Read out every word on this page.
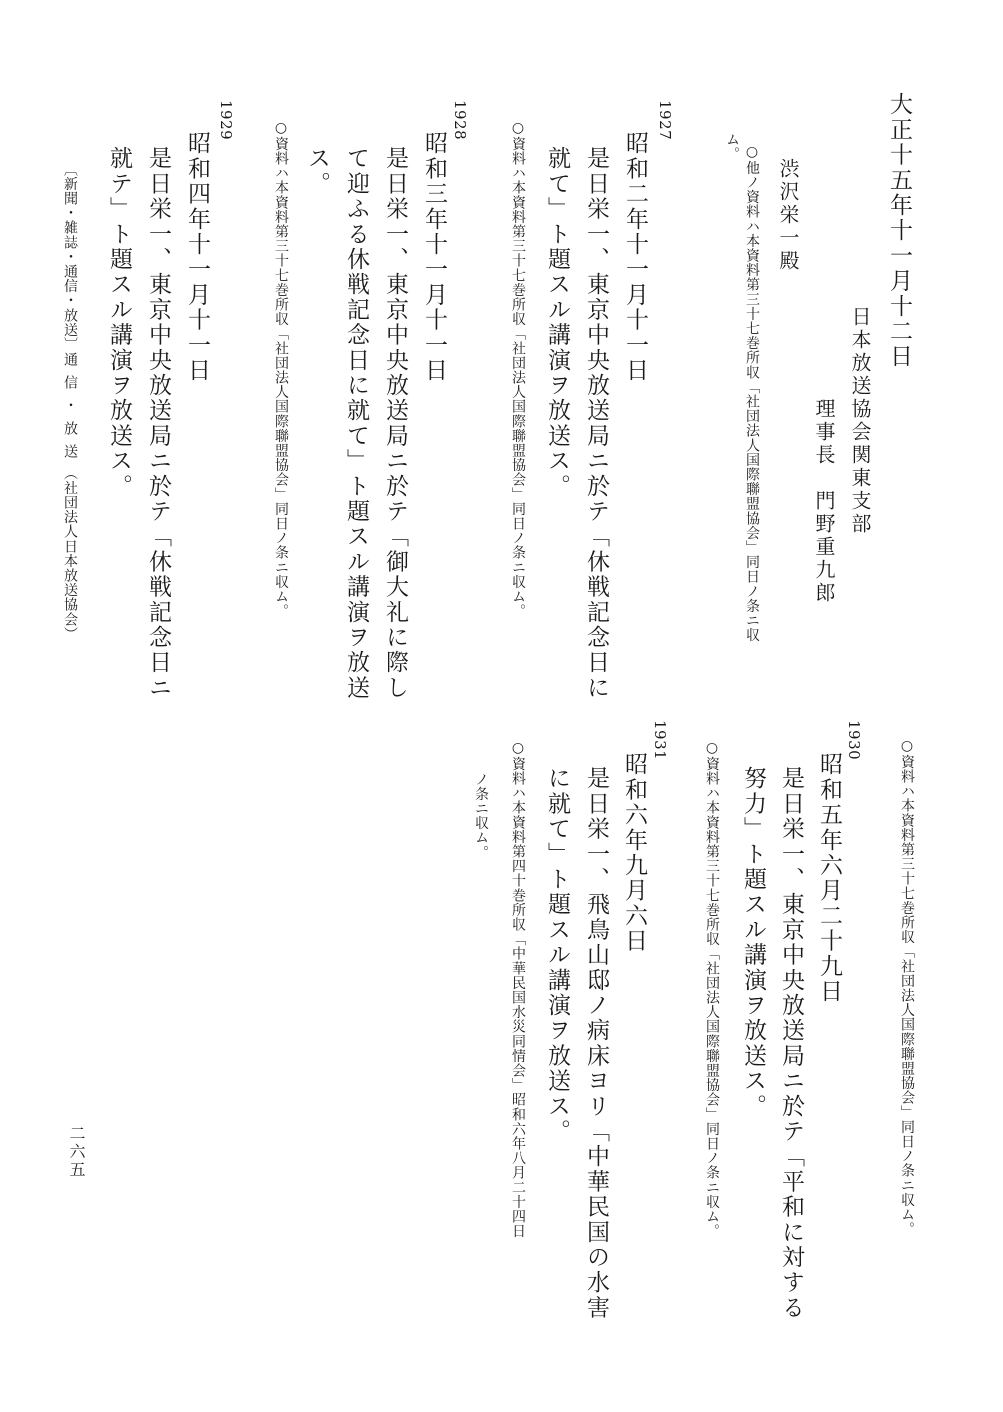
大正十五年十一月十二日
日本放送協会関東支部
理事長　門野重九郎
渋沢栄一殿
○他ノ資料ハ本資料第三十七巻所収「社団法人国際聯盟協会」同日ノ条ニ収
ム。
1927
昭和二年十一月十一日
是日栄一、東京中央放送局ニ於テ「休戦記念日に
就て」ト題スル講演ヲ放送ス。
○資料ハ本資料第三十七巻所収「社団法人国際聯盟協会」同日ノ条ニ収ム。
1928
昭和三年十一月十一日
是日栄一、東京中央放送局ニ於テ「御大礼に際し
て迎ふる休戦記念日に就て」ト題スル講演ヲ放送
ス。
○資料ハ本資料第三十七巻所収「社団法人国際聯盟協会」同日ノ条ニ収ム。
1929
昭和四年十一月十一日
是日栄一、東京中央放送局ニ於テ「休戦記念日ニ
就テ」ト題スル講演ヲ放送ス。
〔新聞・雑誌・通信・放送〕
通信・放送
（社団法人日本放送協会）
○資料ハ本資料第三十七巻所収「社団法人国際聯盟協会」同日ノ条ニ収ム。
1930
昭和五年六月二十九日
是日栄一、東京中央放送局ニ於テ「平和に対する
努力」ト題スル講演ヲ放送ス。
○資料ハ本資料第三十七巻所収「社団法人国際聯盟協会」同日ノ条ニ収ム。
1931
昭和六年九月六日
是日栄一、飛鳥山邸ノ病床ヨリ「中華民国の水害
に就て」ト題スル講演ヲ放送ス。
○資料ハ本資料第四十巻所収「中華民国水災同情会」昭和六年八月二十四日
ノ条ニ収ム。
二六五
